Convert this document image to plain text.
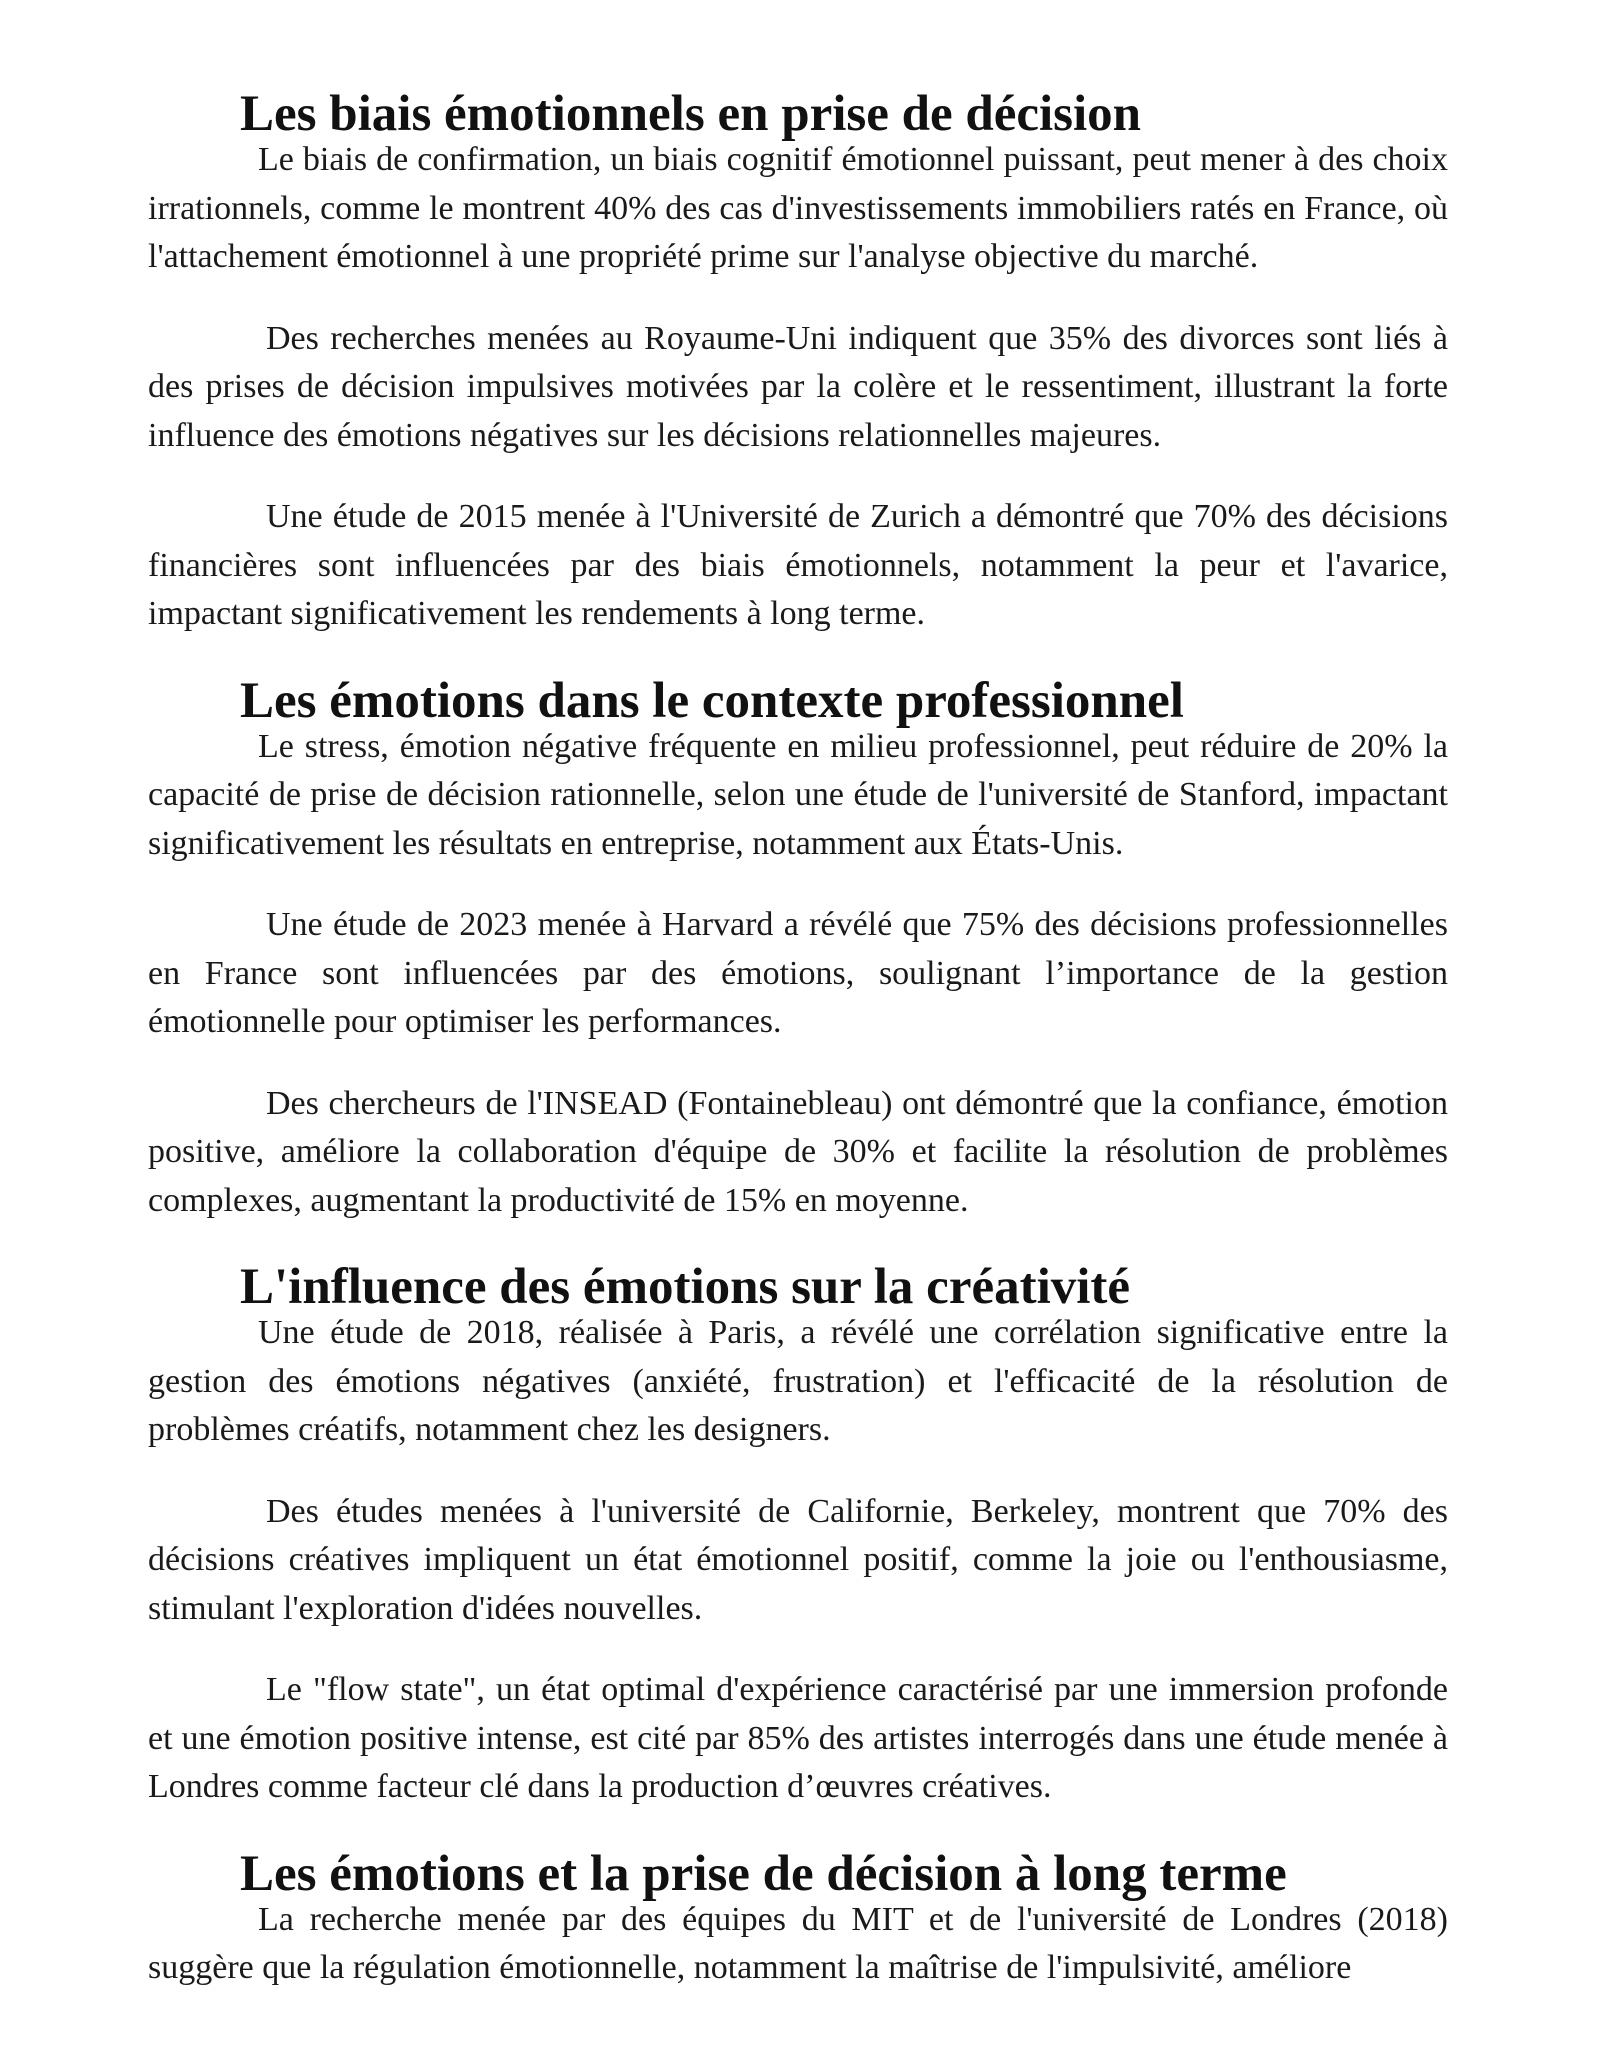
Les biais émotionnels en prise de décision

Le biais de confirmation, un biais cognitif émotionnel puissant, peut mener à des choix irrationnels, comme le montrent 40% des cas d'investissements immobiliers ratés en France, où l'attachement émotionnel à une propriété prime sur l'analyse objective du marché.

Des recherches menées au Royaume-Uni indiquent que 35% des divorces sont liés à des prises de décision impulsives motivées par la colère et le ressentiment, illustrant la forte influence des émotions négatives sur les décisions relationnelles majeures.

Une étude de 2015 menée à l'Université de Zurich a démontré que 70% des décisions financières sont influencées par des biais émotionnels, notamment la peur et l'avarice, impactant significativement les rendements à long terme.

Les émotions dans le contexte professionnel

Le stress, émotion négative fréquente en milieu professionnel, peut réduire de 20% la capacité de prise de décision rationnelle, selon une étude de l'université de Stanford, impactant significativement les résultats en entreprise, notamment aux États-Unis.

Une étude de 2023 menée à Harvard a révélé que 75% des décisions professionnelles en France sont influencées par des émotions, soulignant l’importance de la gestion émotionnelle pour optimiser les performances.

Des chercheurs de l'INSEAD (Fontainebleau) ont démontré que la confiance, émotion positive, améliore la collaboration d'équipe de 30% et facilite la résolution de problèmes complexes, augmentant la productivité de 15% en moyenne.

L'influence des émotions sur la créativité

Une étude de 2018, réalisée à Paris, a révélé une corrélation significative entre la gestion des émotions négatives (anxiété, frustration) et l'efficacité de la résolution de problèmes créatifs, notamment chez les designers.

Des études menées à l'université de Californie, Berkeley, montrent que 70% des décisions créatives impliquent un état émotionnel positif, comme la joie ou l'enthousiasme, stimulant l'exploration d'idées nouvelles.

Le "flow state", un état optimal d'expérience caractérisé par une immersion profonde et une émotion positive intense, est cité par 85% des artistes interrogés dans une étude menée à Londres comme facteur clé dans la production d’œuvres créatives.

Les émotions et la prise de décision à long terme

La recherche menée par des équipes du MIT et de l'université de Londres (2018) suggère que la régulation émotionnelle, notamment la maîtrise de l'impulsivité, améliore
